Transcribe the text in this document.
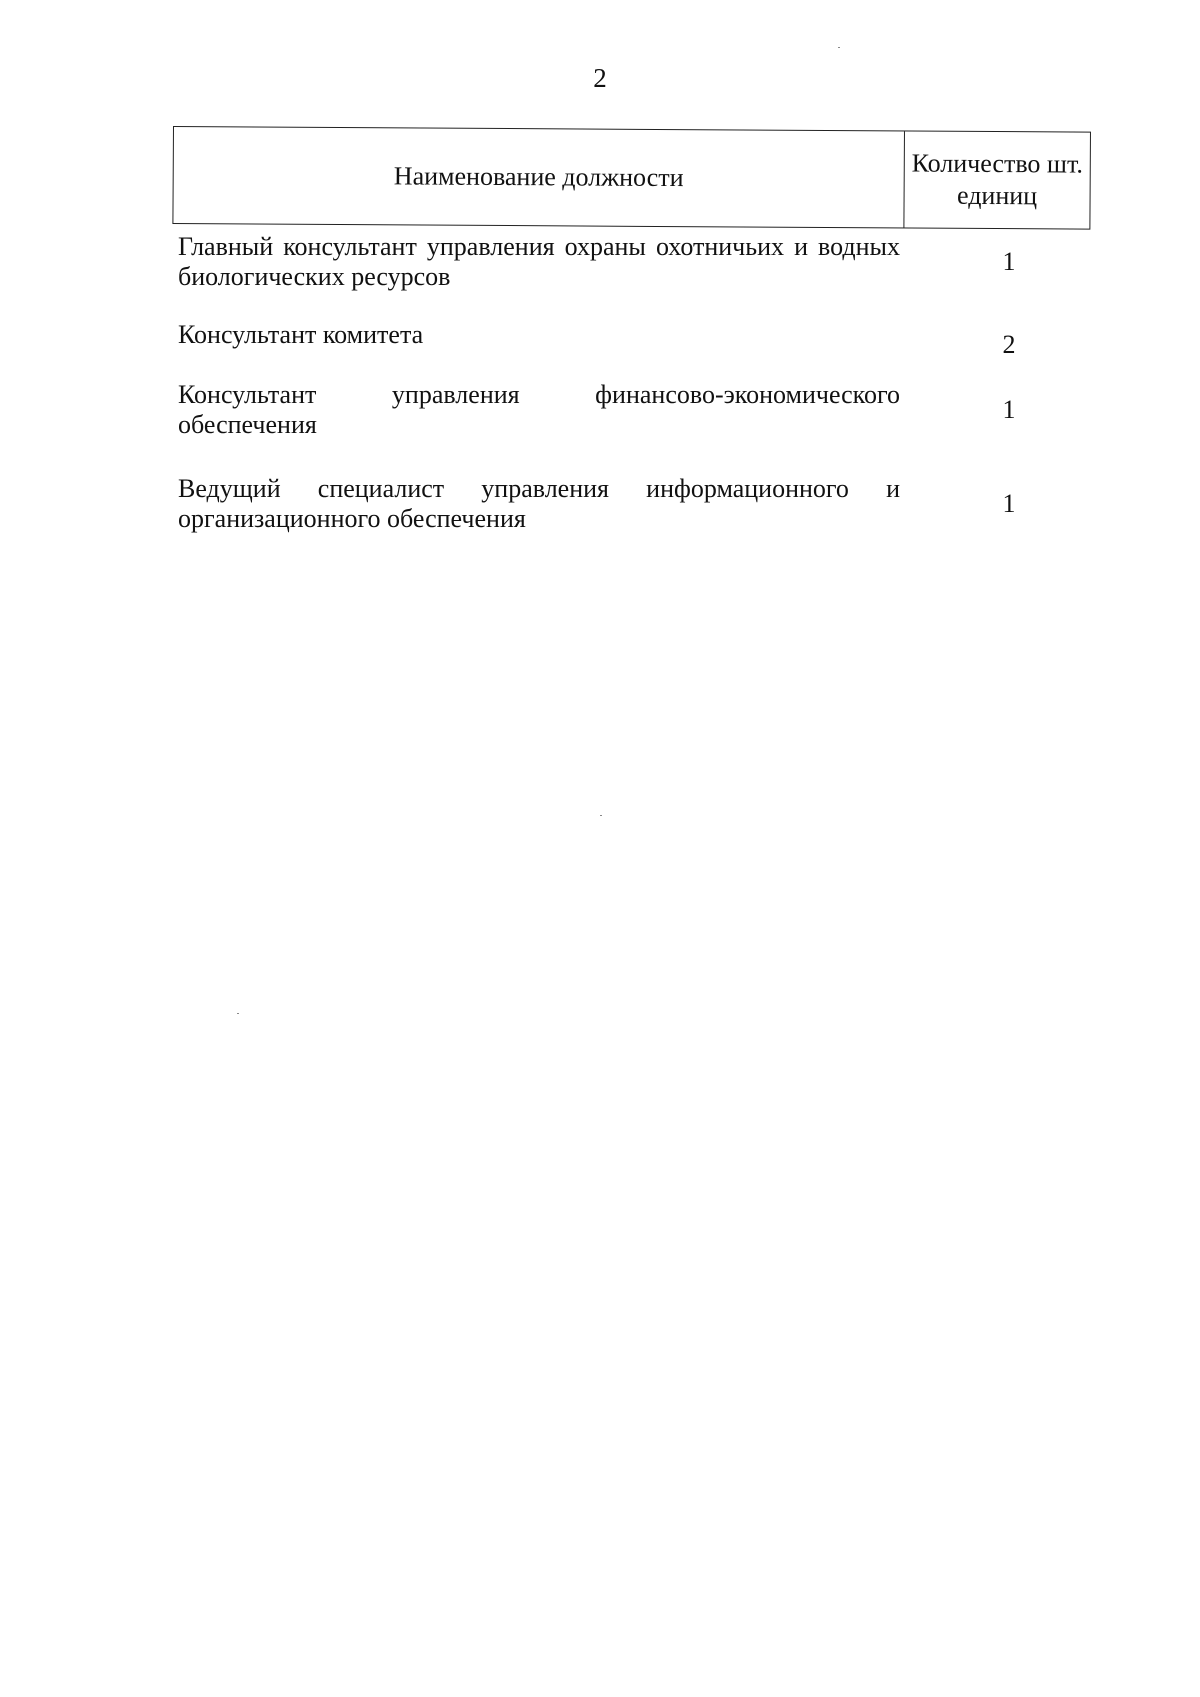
2
Наименование должности	Количество шт. единиц
Главный консультант управления охраны охотничьих и водных биологических ресурсов
1
Консультант комитета	2
Консультант управления финансово-экономического обеспечения
1
Ведущий специалист управления информационного и организационного обеспечения
1
